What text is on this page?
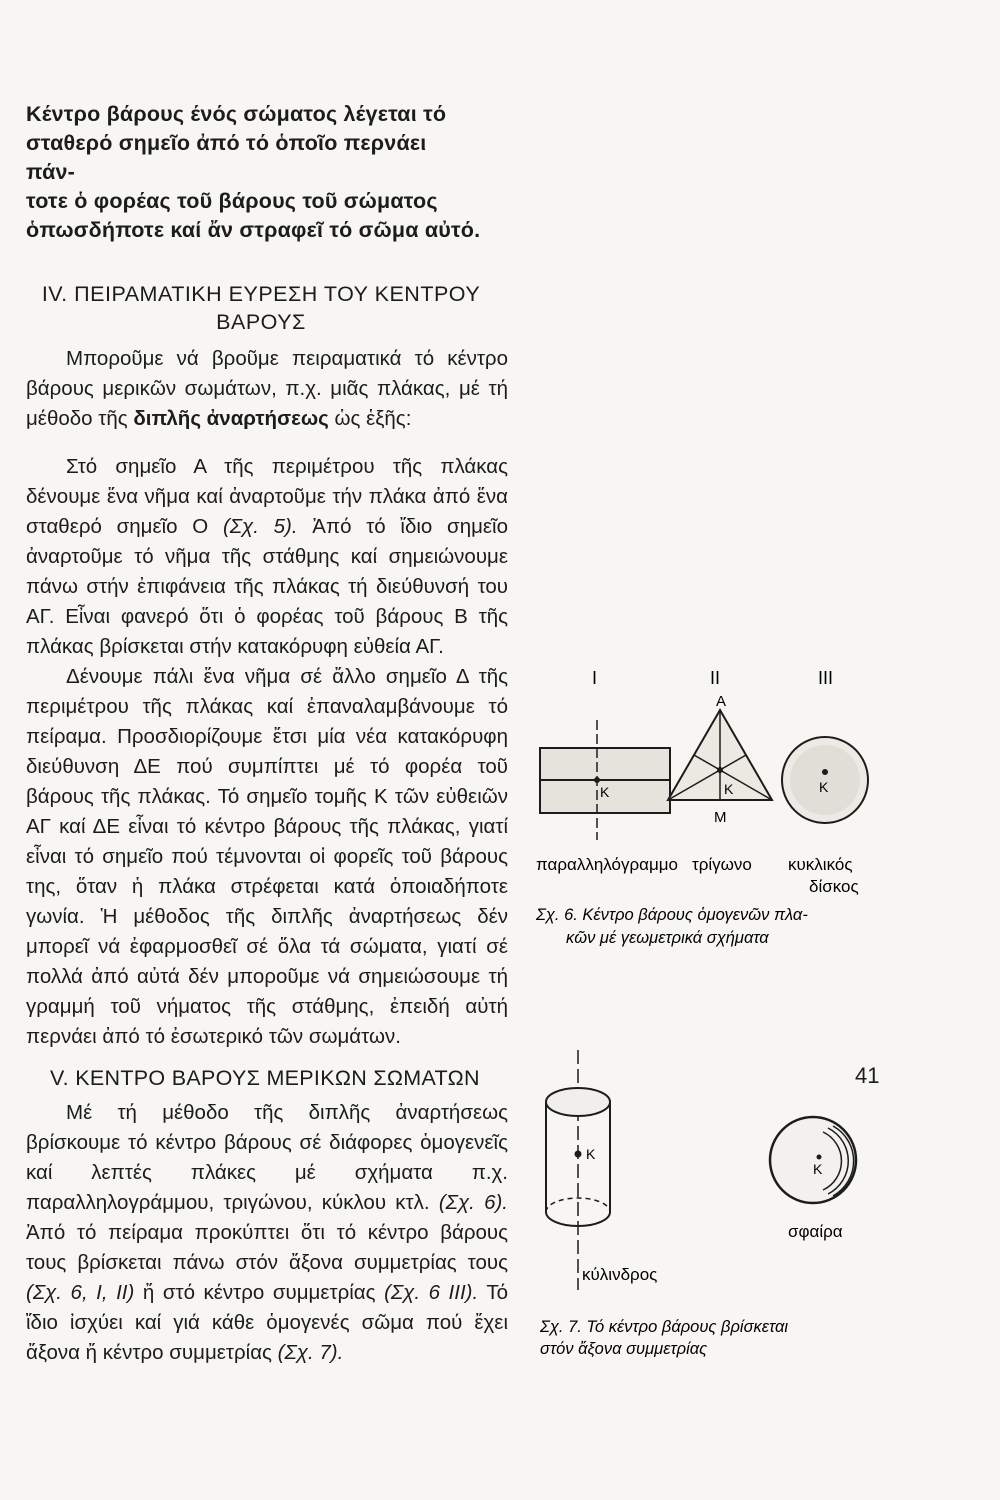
Κέντρο βάρους ένός σώματος λέγεται τό

σταθερό σημεῖο ἀπό τό ὁποῖο περνάει πάν-

τοτε ὁ φορέας τοῦ βάρους τοῦ σώματος

ὁπωσδήποτε καί ἄν στραφεῖ τό σῶμα αὐτό.

IV. ΠΕΙΡΑΜΑΤΙΚΗ ΕΥΡΕΣΗ ΤΟΥ ΚΕΝΤΡΟΥ
ΒΑΡΟΥΣ

Μποροῦμε νά βροῦμε πειραματικά τό κέντρο βάρους μερικῶν σωμάτων, π.χ. μιᾶς πλάκας, μέ τή μέθοδο τῆς διπλῆς ἀναρτήσεως ὡς ἑξῆς:

Στό σημεῖο Α τῆς περιμέτρου τῆς πλάκας δένουμε ἕνα νῆμα καί ἀναρτοῦμε τήν πλάκα ἀπό ἕνα σταθερό σημεῖο Ο (Σχ. 5). Ἀπό τό ἴδιο σημεῖο ἀναρτοῦμε τό νῆμα τῆς στάθμης καί σημειώνουμε πάνω στήν ἐπιφάνεια τῆς πλάκας τή διεύθυνσή του ΑΓ. Εἶναι φανερό ὅτι ὁ φορέας τοῦ βάρους Β τῆς πλάκας βρίσκεται στήν κατακόρυφη εὐθεία ΑΓ.

Δένουμε πάλι ἕνα νῆμα σέ ἄλλο σημεῖο Δ τῆς περιμέτρου τῆς πλάκας καί ἐπαναλαμβάνουμε τό πείραμα. Προσδιορίζουμε ἔτσι μία νέα κατακόρυφη διεύθυνση ΔΕ πού συμπίπτει μέ τό φορέα τοῦ βάρους τῆς πλάκας. Τό σημεῖο τομῆς Κ τῶν εὐθειῶν ΑΓ καί ΔΕ εἶναι τό κέντρο βάρους τῆς πλάκας, γιατί εἶναι τό σημεῖο πού τέμνονται οἱ φορεῖς τοῦ βάρους της, ὅταν ἡ πλάκα στρέφεται κατά ὁποιαδήποτε γωνία. Ἡ μέθοδος τῆς διπλῆς ἀναρτήσεως δέν μπορεῖ νά ἐφαρμοσθεῖ σέ ὅλα τά σώματα, γιατί σέ πολλά ἀπό αὐτά δέν μποροῦμε νά σημειώσουμε τή γραμμή τοῦ νήματος τῆς στάθμης, ἐπειδή αὐτή περνάει ἀπό τό ἐσωτερικό τῶν σωμάτων.

V. ΚΕΝΤΡΟ ΒΑΡΟΥΣ ΜΕΡΙΚΩΝ ΣΩΜΑΤΩΝ

Μέ τή μέθοδο τῆς διπλῆς ἀναρτήσεως βρίσκουμε τό κέντρο βάρους σέ διάφορες ὁμογενεῖς καί λεπτές πλάκες μέ σχήματα π.χ. παραλληλογράμμου, τριγώνου, κύκλου κτλ. (Σχ. 6). Ἀπό τό πείραμα προκύπτει ὅτι τό κέντρο βάρους τους βρίσκεται πάνω στόν ἄξονα συμμετρίας τους (Σχ. 6, I, II) ἤ στό κέντρο συμμετρίας (Σχ. 6 III). Τό ἴδιο ἰσχύει καί γιά κάθε ὁμογενές σῶμα πού ἔχει ἄξονα ἤ κέντρο συμμετρίας (Σχ. 7).

I	II	III
Κ
Α
Κ
Μ
Κ
παραλληλόγραμμο τρίγωνο κυκλικός
δίσκος
Σχ. 6. Κέντρο βάρους ὁμογενῶν πλα-
κῶν μέ γεωμετρικά σχήματα
Κ
κύλινδρος
Κ
σφαίρα
Σχ. 7. Τό κέντρο βάρους βρίσκεται
στόν ἄξονα συμμετρίας
41
